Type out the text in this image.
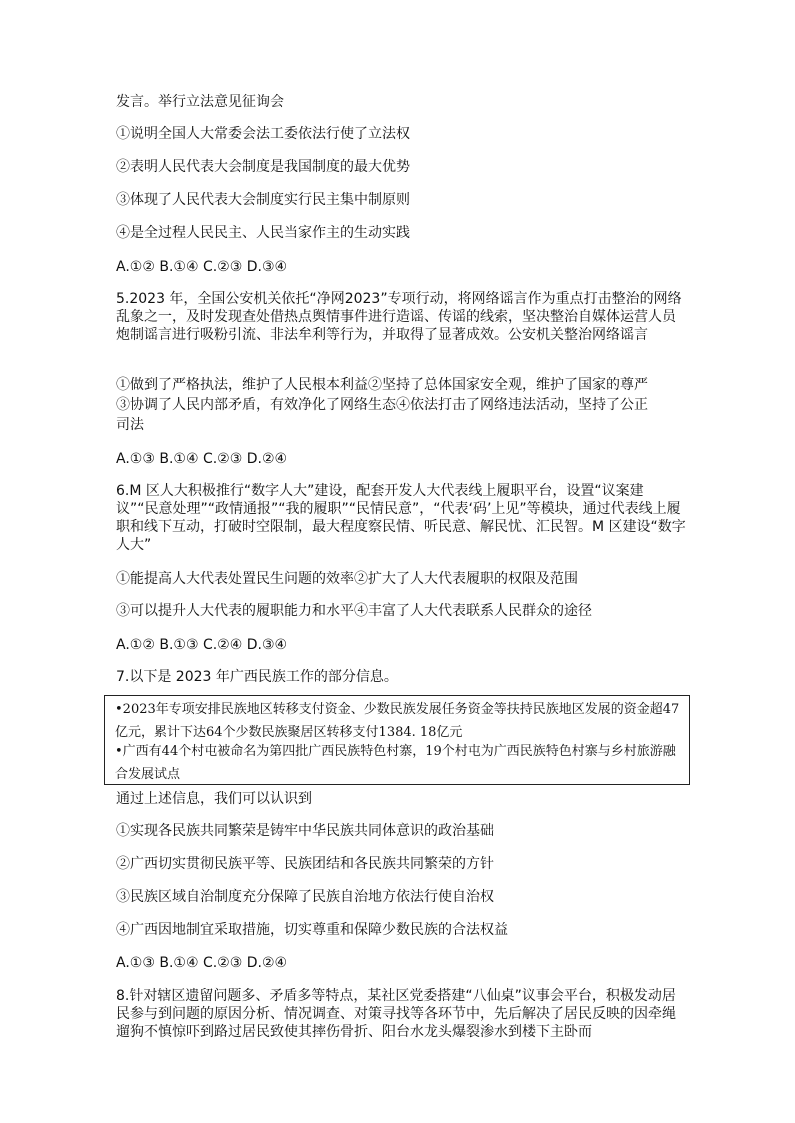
发言。举行立法意见征询会
①说明全国人大常委会法工委依法行使了立法权
②表明人民代表大会制度是我国制度的最大优势
③体现了人民代表大会制度实行民主集中制原则
④是全过程人民民主、人民当家作主的生动实践
A.①② B.①④ C.②③ D.③④
5.2023 年，全国公安机关依托“净网2023”专项行动，将网络谣言作为重点打击整治的网络乱象之一，及时发现查处借热点舆情事件进行造谣、传谣的线索，坚决整治自媒体运营人员炮制谣言进行吸粉引流、非法牟利等行为，并取得了显著成效。公安机关整治网络谣言
①做到了严格执法，维护了人民根本利益②坚持了总体国家安全观，维护了国家的尊严
③协调了人民内部矛盾，有效净化了网络生态④依法打击了网络违法活动，坚持了公正
司法
A.①③ B.①④ C.②③ D.②④
6.M 区人大积极推行“数字人大”建设，配套开发人大代表线上履职平台，设置“议案建议”“民意处理”“政情通报”“我的履职”“民情民意”，“代表‘码’上见”等模块，通过代表线上履职和线下互动，打破时空限制，最大程度察民情、听民意、解民忧、汇民智。M 区建设“数字人大”
①能提高人大代表处置民生问题的效率②扩大了人大代表履职的权限及范围
③可以提升人大代表的履职能力和水平④丰富了人大代表联系人民群众的途径
A.①② B.①③ C.②④ D.③④
7.以下是 2023 年广西民族工作的部分信息。
•2023年专项安排民族地区转移支付资金、少数民族发展任务资金等扶持民族地区发展的资金超47亿元，累计下达64个少数民族聚居区转移支付1384. 18亿元
•广西有44个村屯被命名为第四批广西民族特色村寨，19个村屯为广西民族特色村寨与乡村旅游融合发展试点
通过上述信息，我们可以认识到
①实现各民族共同繁荣是铸牢中华民族共同体意识的政治基础
②广西切实贯彻民族平等、民族团结和各民族共同繁荣的方针
③民族区域自治制度充分保障了民族自治地方依法行使自治权
④广西因地制宜采取措施，切实尊重和保障少数民族的合法权益
A.①③ B.①④ C.②③ D.②④
8.针对辖区遗留问题多、矛盾多等特点，某社区党委搭建“八仙桌”议事会平台，积极发动居民参与到问题的原因分析、情况调查、对策寻找等各环节中，先后解决了居民反映的因牵绳遛狗不慎惊吓到路过居民致使其摔伤骨折、阳台水龙头爆裂渗水到楼下主卧而
